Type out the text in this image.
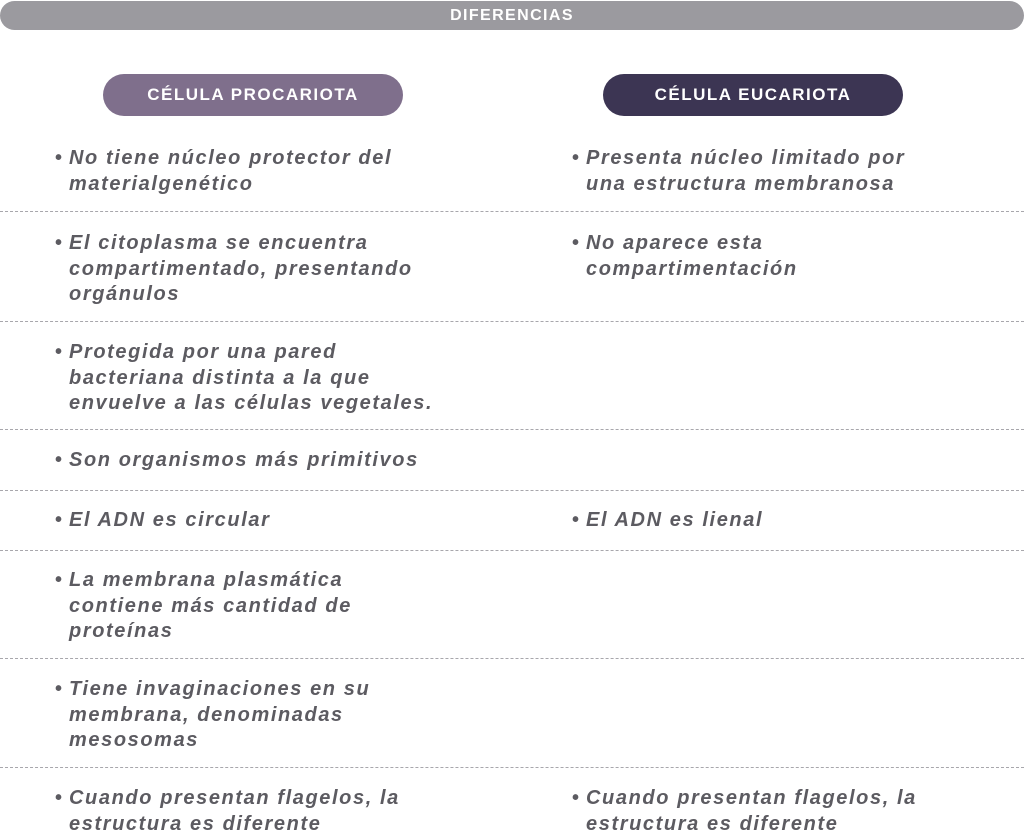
DIFERENCIAS
CÉLULA PROCARIOTA	CÉLULA EUCARIOTA
• No tiene núcleo protector del
materialgenético
• Presenta núcleo limitado por
una estructura membranosa
• El citoplasma se encuentra
compartimentado, presentando
orgánulos
• No aparece esta
compartimentación
• Protegida por una pared
bacteriana distinta a la que
envuelve a las células vegetales.
• Son organismos más primitivos
• El ADN es circular	• El ADN es lienal
• La membrana plasmática
contiene más cantidad de
proteínas
• Tiene invaginaciones en su
membrana, denominadas
mesosomas
• Cuando presentan flagelos, la
estructura es diferente
• Cuando presentan flagelos, la
estructura es diferente
